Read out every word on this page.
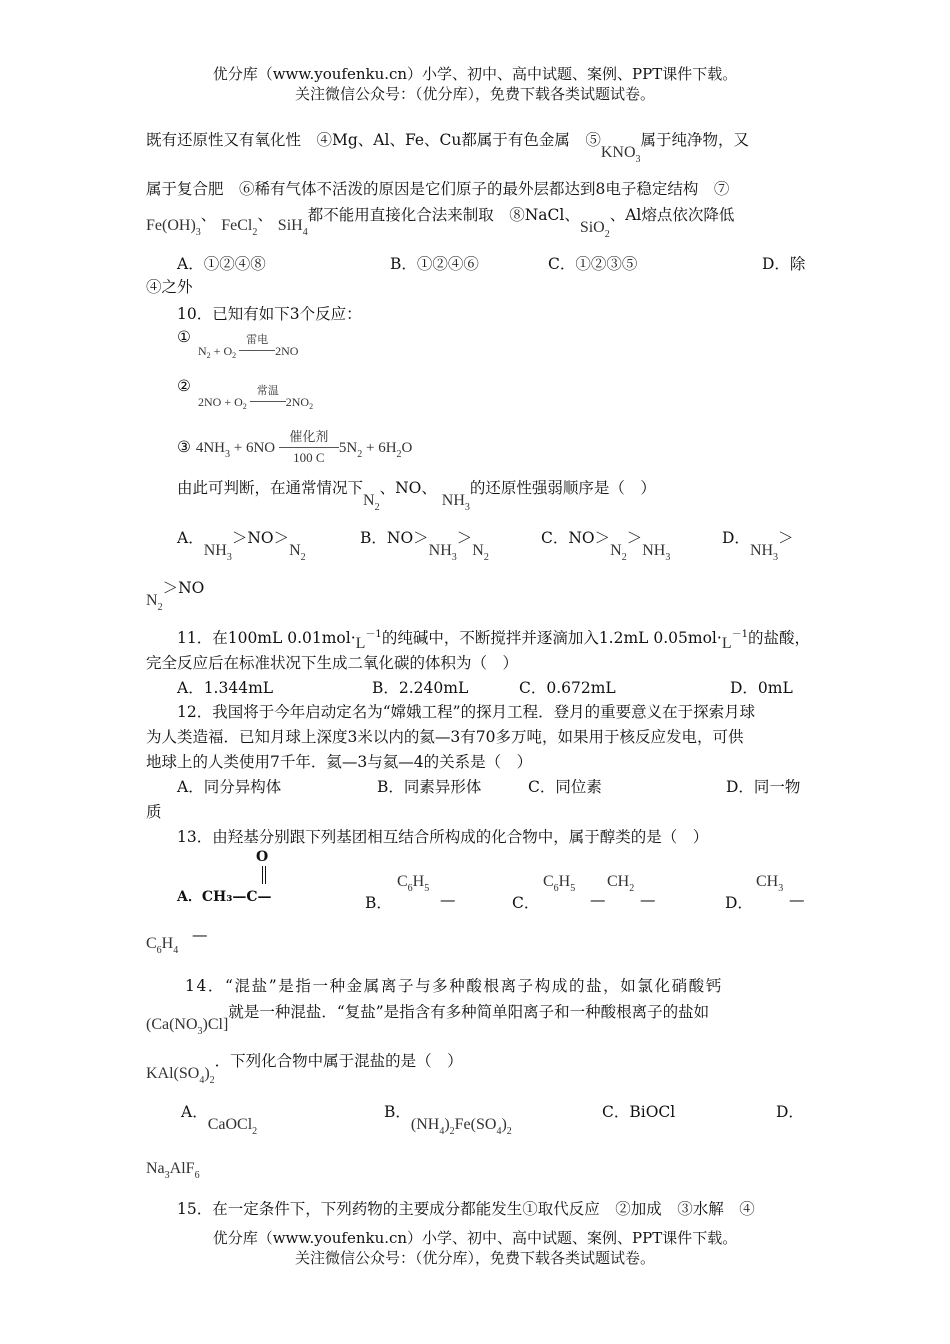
优分库（www.youfenku.cn）小学、初中、高中试题、案例、PPT课件下载。
关注微信公众号：（优分库），免费下载各类试题试卷。
既有还原性又有氧化性　④Mg、Al、Fe、Cu都属于有色金属　$⑤KNO_3$属于纯净物，又
属于复合肥　⑥稀有气体不活泼的原因是它们原子的最外层都达到8电子稳定结构　⑦
$Fe(OH)_3$、 FeCl$_2$、 SiH$_4$都不能用直接化合法来制取　⑧NaCl、SiO$_2$、Al熔点依次降低
A．①②④⑧	B．①②④⑥	C．①②③⑤	D．除
④之外
10．已知有如下3个反应：
①
$N_2 + O_2$
雷电
2NO
②
$2NO + O_2$
常温
$2NO_2$
③ $4NH_3 + 6NO$
催化剂
100 C
$5N_2 + 6H_2O$
由此可判断，在通常情况下$N_2$、NO、 $NH_3$的还原性强弱顺序是（　）
A．$NH_3>NO>N_2$
B．$NO>NH_3>N_2$
C．$NO>N_2>NH_3$
D．$NH_3>$
$N_2>NO$
11．在100mL $0.01mol\cdot L^{-1}$的纯碱中，不断搅拌并逐滴加入1.2mL $0.05mol\cdot L^{-1}$的盐酸，
完全反应后在标准状况下生成二氧化碳的体积为（　）
A．1.344mL	B．2.240mL	C．0.672mL	D．0mL
12．我国将于今年启动定名为“嫦娥工程”的探月工程．登月的重要意义在于探索月球
为人类造福．已知月球上深度3米以内的氦—3有70多万吨，如果用于核反应发电，可供
地球上的人类使用7千年．氦—3与氦—4的关系是（　）
A．同分异构体	B．同素异形体	C．同位素	D．同一物
质
13．由羟基分别跟下列基团相互结合所构成的化合物中，属于醇类的是（　）
O
A．CH₃—C—	B．
$C_6H_5$
—	C．
$C_6H_5$
—
$CH_2$
—	D．
$CH_3$
—
$C_6H_4$
—
14．“混盐”是指一种金属离子与多种酸根离子构成的盐，如氯化硝酸钙
$(Ca(NO_3)Cl]$就是一种混盐．“复盐”是指含有多种简单阳离子和一种酸根离子的盐如
$KAl(SO_4)_2$．下列化合物中属于混盐的是（　）
A．CaOCl$_2$
B．$(NH_4)_2Fe(SO_4)_2$
C．BiOCl	D．
$Na_3AlF_6$
15．在一定条件下，下列药物的主要成分都能发生①取代反应　②加成　③水解　④
优分库（www.youfenku.cn）小学、初中、高中试题、案例、PPT课件下载。
关注微信公众号：（优分库），免费下载各类试题试卷。
